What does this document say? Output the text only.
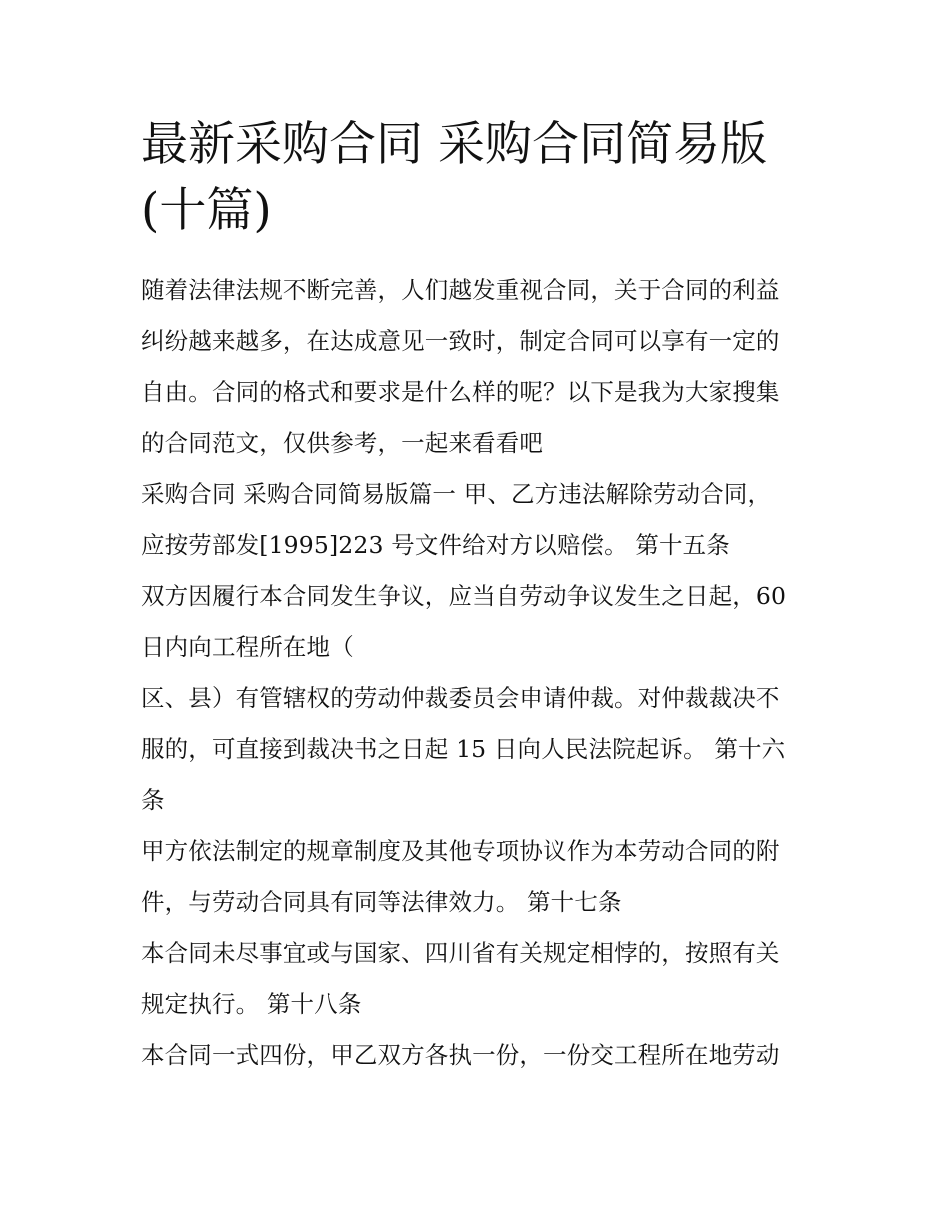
最新采购合同 采购合同简易版
(十篇)

随着法律法规不断完善，人们越发重视合同，关于合同的利益
纠纷越来越多，在达成意见一致时，制定合同可以享有一定的
自由。合同的格式和要求是什么样的呢？以下是我为大家搜集
的合同范文，仅供参考，一起来看看吧

采购合同 采购合同简易版篇一 甲、乙方违法解除劳动合同，
应按劳部发[1995]223 号文件给对方以赔偿。 第十五条

双方因履行本合同发生争议，应当自劳动争议发生之日起，60
日内向工程所在地（

区、县）有管辖权的劳动仲裁委员会申请仲裁。对仲裁裁决不
服的，可直接到裁决书之日起 15 日向人民法院起诉。 第十六
条

甲方依法制定的规章制度及其他专项协议作为本劳动合同的附
件，与劳动合同具有同等法律效力。 第十七条

本合同未尽事宜或与国家、四川省有关规定相悖的，按照有关
规定执行。 第十八条

本合同一式四份，甲乙双方各执一份，一份交工程所在地劳动
